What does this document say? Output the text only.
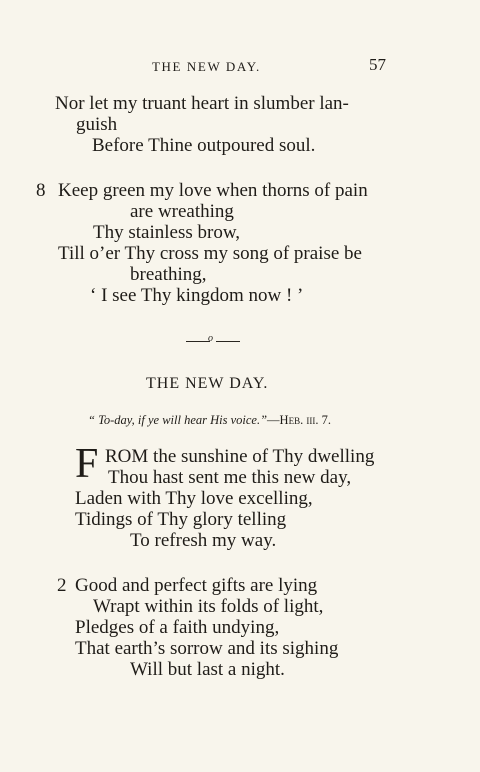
THE NEW DAY.	57
Nor let my truant heart in slumber lan-
guish
Before Thine outpoured soul.
8 Keep green my love when thorns of pain
are wreathing
Thy stainless brow,
Till o’er Thy cross my song of praise be
breathing,
‘ I see Thy kingdom now ! ’
o
THE NEW DAY.
“ To-day, if ye will hear His voice.”—Heb. iii. 7.
F ROM the sunshine of Thy dwelling
Thou hast sent me this new day,
Laden with Thy love excelling,
Tidings of Thy glory telling
To refresh my way.
2 Good and perfect gifts are lying
Wrapt within its folds of light,
Pledges of a faith undying,
That earth’s sorrow and its sighing
Will but last a night.
